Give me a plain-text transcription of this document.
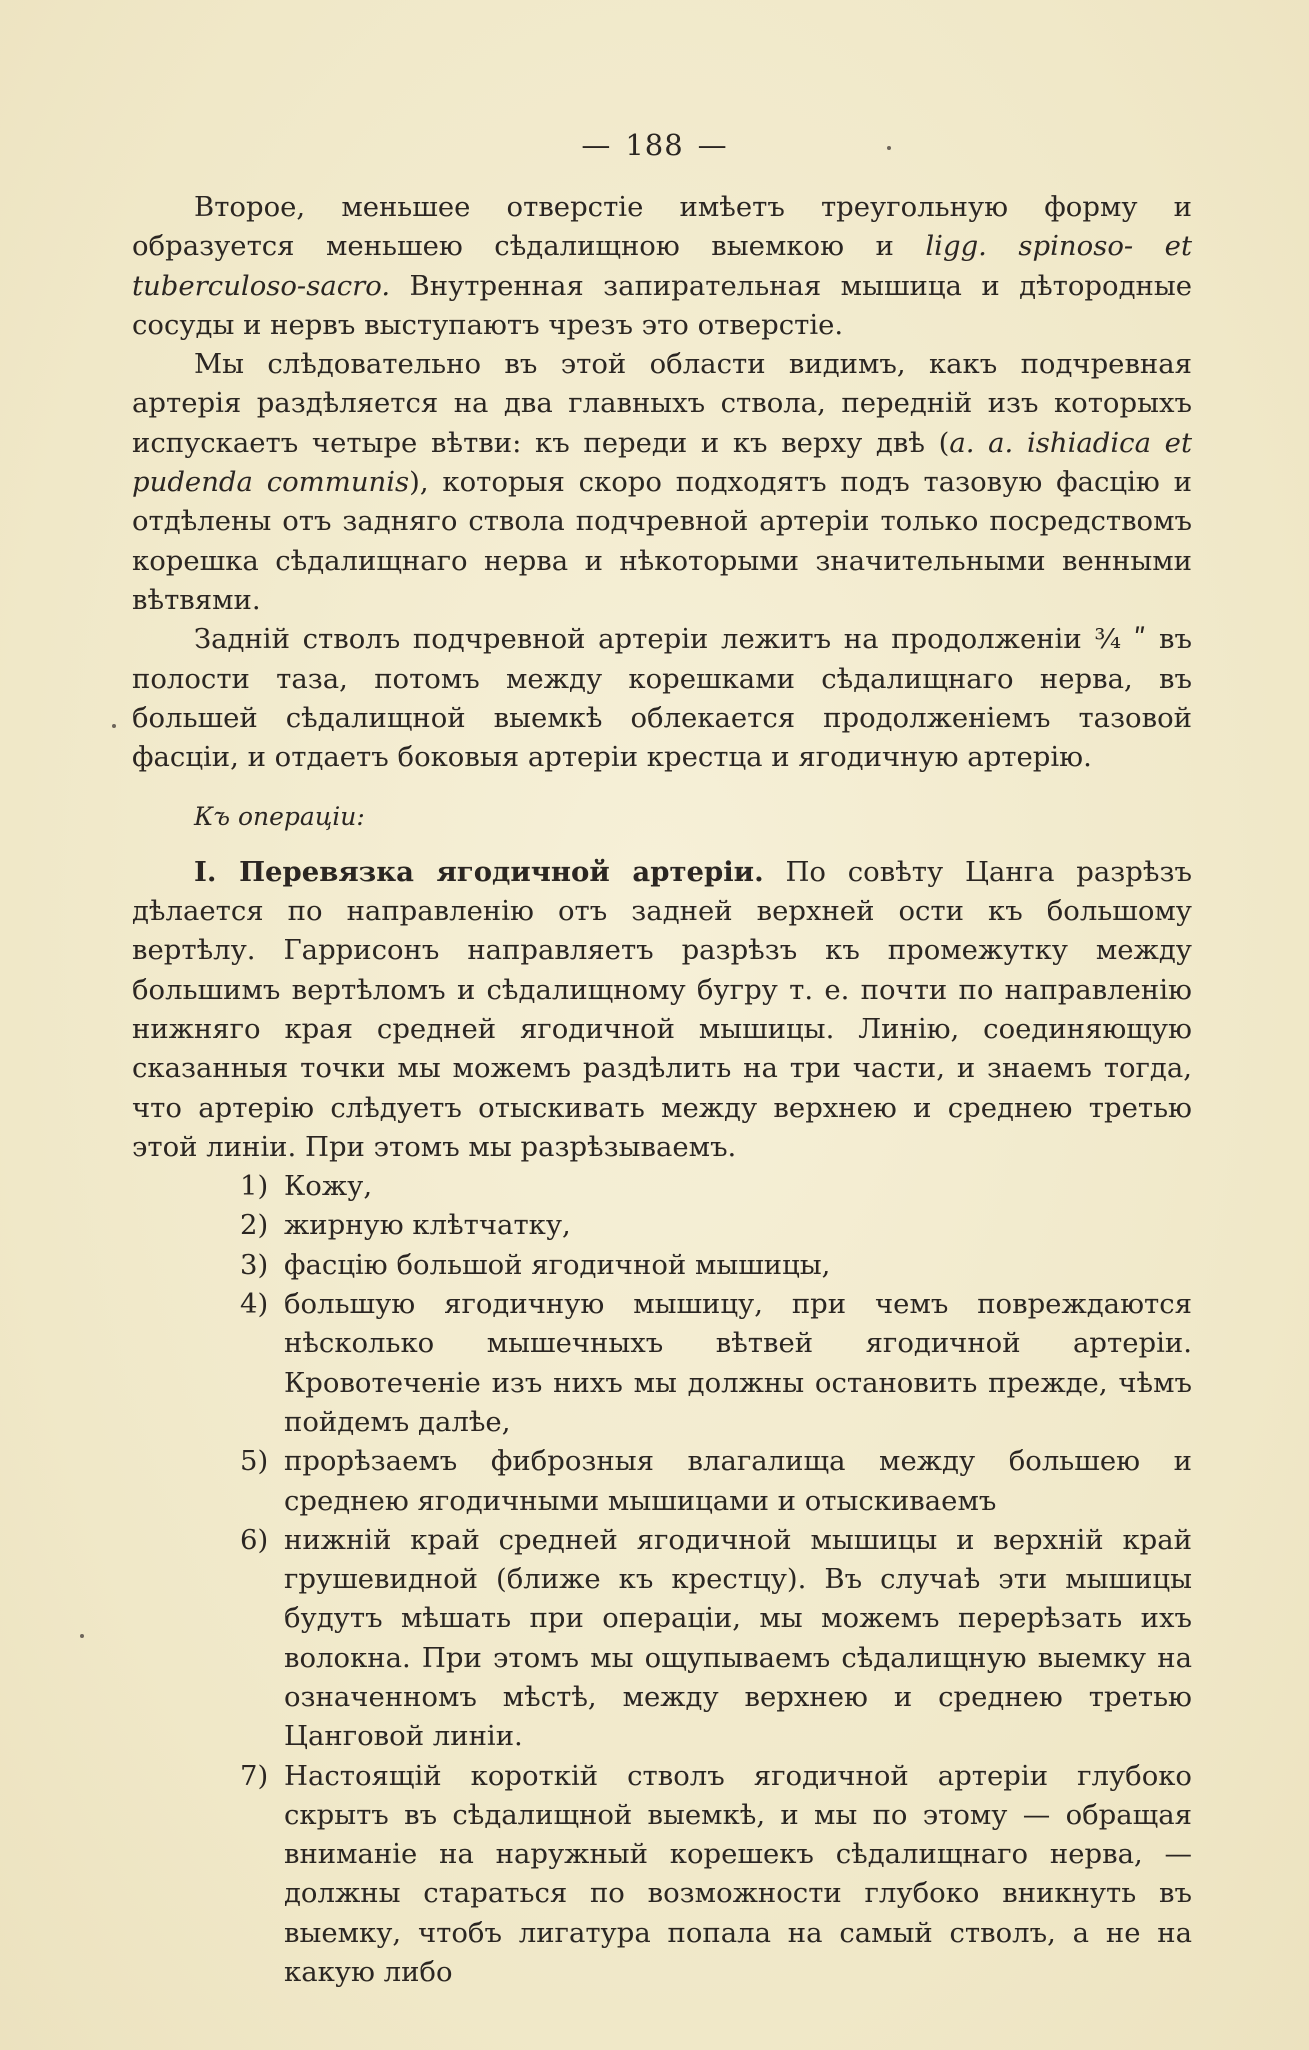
— 188 —

Второе, меньшее отверстіе имѣетъ треугольную форму и образуется меньшею сѣдалищною выемкою и ligg. spinoso- et tuberculoso-sacro. Внутренная запирательная мышица и дѣтородные сосуды и нервъ выступаютъ чрезъ это отверстіе.

Мы слѣдовательно въ этой области видимъ, какъ подчревная артерія раздѣляется на два главныхъ ствола, передній изъ которыхъ испускаетъ четыре вѣтви: къ переди и къ верху двѣ (a. a. ishiadica et pudenda communis), которыя скоро подходятъ подъ тазовую фасцію и отдѣлены отъ задняго ствола подчревной артеріи только посредствомъ корешка сѣдалищнаго нерва и нѣкоторыми значительными венными вѣтвями.

Задній стволъ подчревной артеріи лежитъ на продолженіи ¾ ʺ въ полости таза, потомъ между корешками сѣдалищнаго нерва, въ большей сѣдалищной выемкѣ облекается продолженіемъ тазовой фасціи, и отдаетъ боковыя артеріи крестца и ягодичную артерію.

Къ операціи:

I. Перевязка ягодичной артеріи. По совѣту Цанга разрѣзъ дѣлается по направленію отъ задней верхней ости къ большому вертѣлу. Гаррисонъ направляетъ разрѣзъ къ промежутку между большимъ вертѣломъ и сѣдалищному бугру т. е. почти по направленію нижняго края средней ягодичной мышицы. Линію, соединяющую сказанныя точки мы можемъ раздѣлить на три части, и знаемъ тогда, что артерію слѣдуетъ отыскивать между верхнею и среднею третью этой линіи. При этомъ мы разрѣзываемъ.

1) Кожу,
2) жирную клѣтчатку,
3) фасцію большой ягодичной мышицы,
4) большую ягодичную мышицу, при чемъ повреждаются нѣсколько мышечныхъ вѣтвей ягодичной артеріи. Кровотеченіе изъ нихъ мы должны остановить прежде, чѣмъ пойдемъ далѣе,
5) прорѣзаемъ фиброзныя влагалища между большею и среднею ягодичными мышицами и отыскиваемъ
6) нижній край средней ягодичной мышицы и верхній край грушевидной (ближе къ крестцу). Въ случаѣ эти мышицы будутъ мѣшать при операціи, мы можемъ перерѣзать ихъ волокна. При этомъ мы ощупываемъ сѣдалищную выемку на означенномъ мѣстѣ, между верхнею и среднею третью Цанговой линіи.
7) Настоящій короткій стволъ ягодичной артеріи глубоко скрытъ въ сѣдалищной выемкѣ, и мы по этому — обращая вниманіе на наружный корешекъ сѣдалищнаго нерва, — должны стараться по возможности глубоко вникнуть въ выемку, чтобъ лигатура попала на самый стволъ, а не на какую либо
